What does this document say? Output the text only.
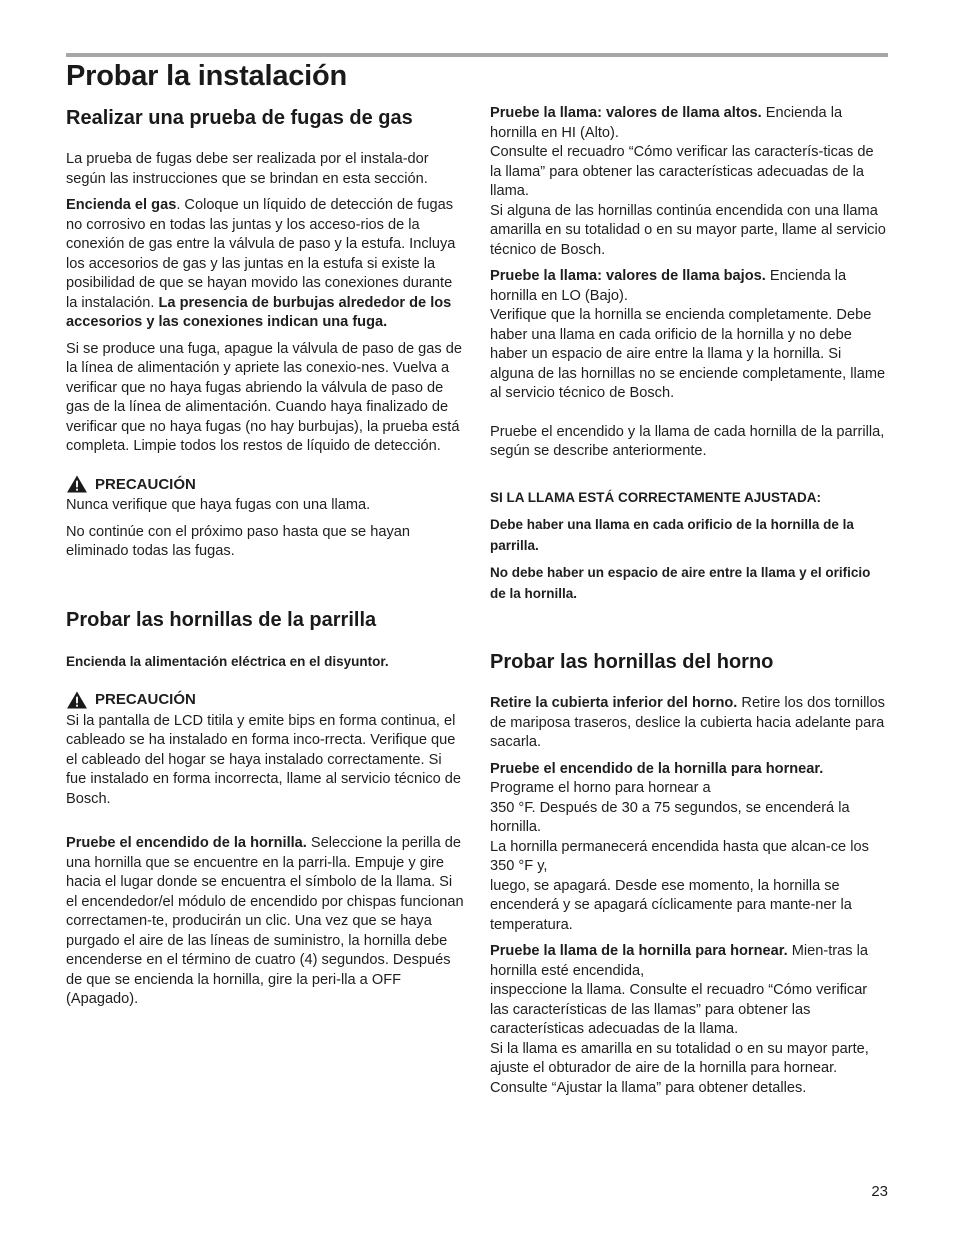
Probar la instalación
Realizar una prueba de fugas de gas

La prueba de fugas debe ser realizada por el instala-dor según las instrucciones que se brindan en esta sección.

Encienda el gas. Coloque un líquido de detección de fugas no corrosivo en todas las juntas y los acceso-rios de la conexión de gas entre la válvula de paso y la estufa. Incluya los accesorios de gas y las juntas en la estufa si existe la posibilidad de que se hayan movido las conexiones durante la instalación. La presencia de burbujas alrededor de los accesorios y las conexiones indican una fuga.

Si se produce una fuga, apague la válvula de paso de gas de la línea de alimentación y apriete las conexio-nes. Vuelva a verificar que no haya fugas abriendo la válvula de paso de gas de la línea de alimentación. Cuando haya finalizado de verificar que no haya fugas (no hay burbujas), la prueba está completa. Limpie todos los restos de líquido de detección.

PRECAUCIÓN

Nunca verifique que haya fugas con una llama.

No continúe con el próximo paso hasta que se hayan eliminado todas las fugas.

Probar las hornillas de la parrilla

Encienda la alimentación eléctrica en el disyuntor.

PRECAUCIÓN

Si la pantalla de LCD titila y emite bips en forma continua, el cableado se ha instalado en forma inco-rrecta. Verifique que el cableado del hogar se haya instalado correctamente. Si fue instalado en forma incorrecta, llame al servicio técnico de Bosch.

Pruebe el encendido de la hornilla. Seleccione la perilla de una hornilla que se encuentre en la parri-lla. Empuje y gire hacia el lugar donde se encuentra el símbolo de la llama. Si el encendedor/el módulo de encendido por chispas funcionan correctamen-te, producirán un clic. Una vez que se haya purgado el aire de las líneas de suministro, la hornilla debe encenderse en el término de cuatro (4) segundos. Después de que se encienda la hornilla, gire la peri-lla a OFF (Apagado).

Pruebe la llama: valores de llama altos. Encienda la hornilla en HI (Alto).
Consulte el recuadro “Cómo verificar las caracterís-ticas de la llama” para obtener las características adecuadas de la llama.
Si alguna de las hornillas continúa encendida con una llama amarilla en su totalidad o en su mayor parte, llame al servicio técnico de Bosch.

Pruebe la llama: valores de llama bajos. Encienda la hornilla en LO (Bajo).
Verifique que la hornilla se encienda completamente. Debe haber una llama en cada orificio de la hornilla y no debe haber un espacio de aire entre la llama y la hornilla. Si alguna de las hornillas no se enciende completamente, llame al servicio técnico de Bosch.

Pruebe el encendido y la llama de cada hornilla de la parrilla, según se describe anteriormente.

SI LA LLAMA ESTÁ CORRECTAMENTE AJUSTADA:

Debe haber una llama en cada orificio de la hornilla de la parrilla.

No debe haber un espacio de aire entre la llama y el orificio de la hornilla.

Probar las hornillas del horno

Retire la cubierta inferior del horno. Retire los dos tornillos de mariposa traseros, deslice la cubierta hacia adelante para sacarla.

Pruebe el encendido de la hornilla para hornear.
Programe el horno para hornear a
350 °F. Después de 30 a 75 segundos, se encenderá la hornilla.
La hornilla permanecerá encendida hasta que alcan-ce los 350 °F y,
luego, se apagará. Desde ese momento, la hornilla se encenderá y se apagará cíclicamente para mante-ner la temperatura.

Pruebe la llama de la hornilla para hornear. Mien-tras la hornilla esté encendida,
inspeccione la llama. Consulte el recuadro “Cómo verificar las características de las llamas” para obtener las características adecuadas de la llama.
Si la llama es amarilla en su totalidad o en su mayor parte, ajuste el obturador de aire de la hornilla para hornear. Consulte “Ajustar la llama” para obtener detalles.

23
